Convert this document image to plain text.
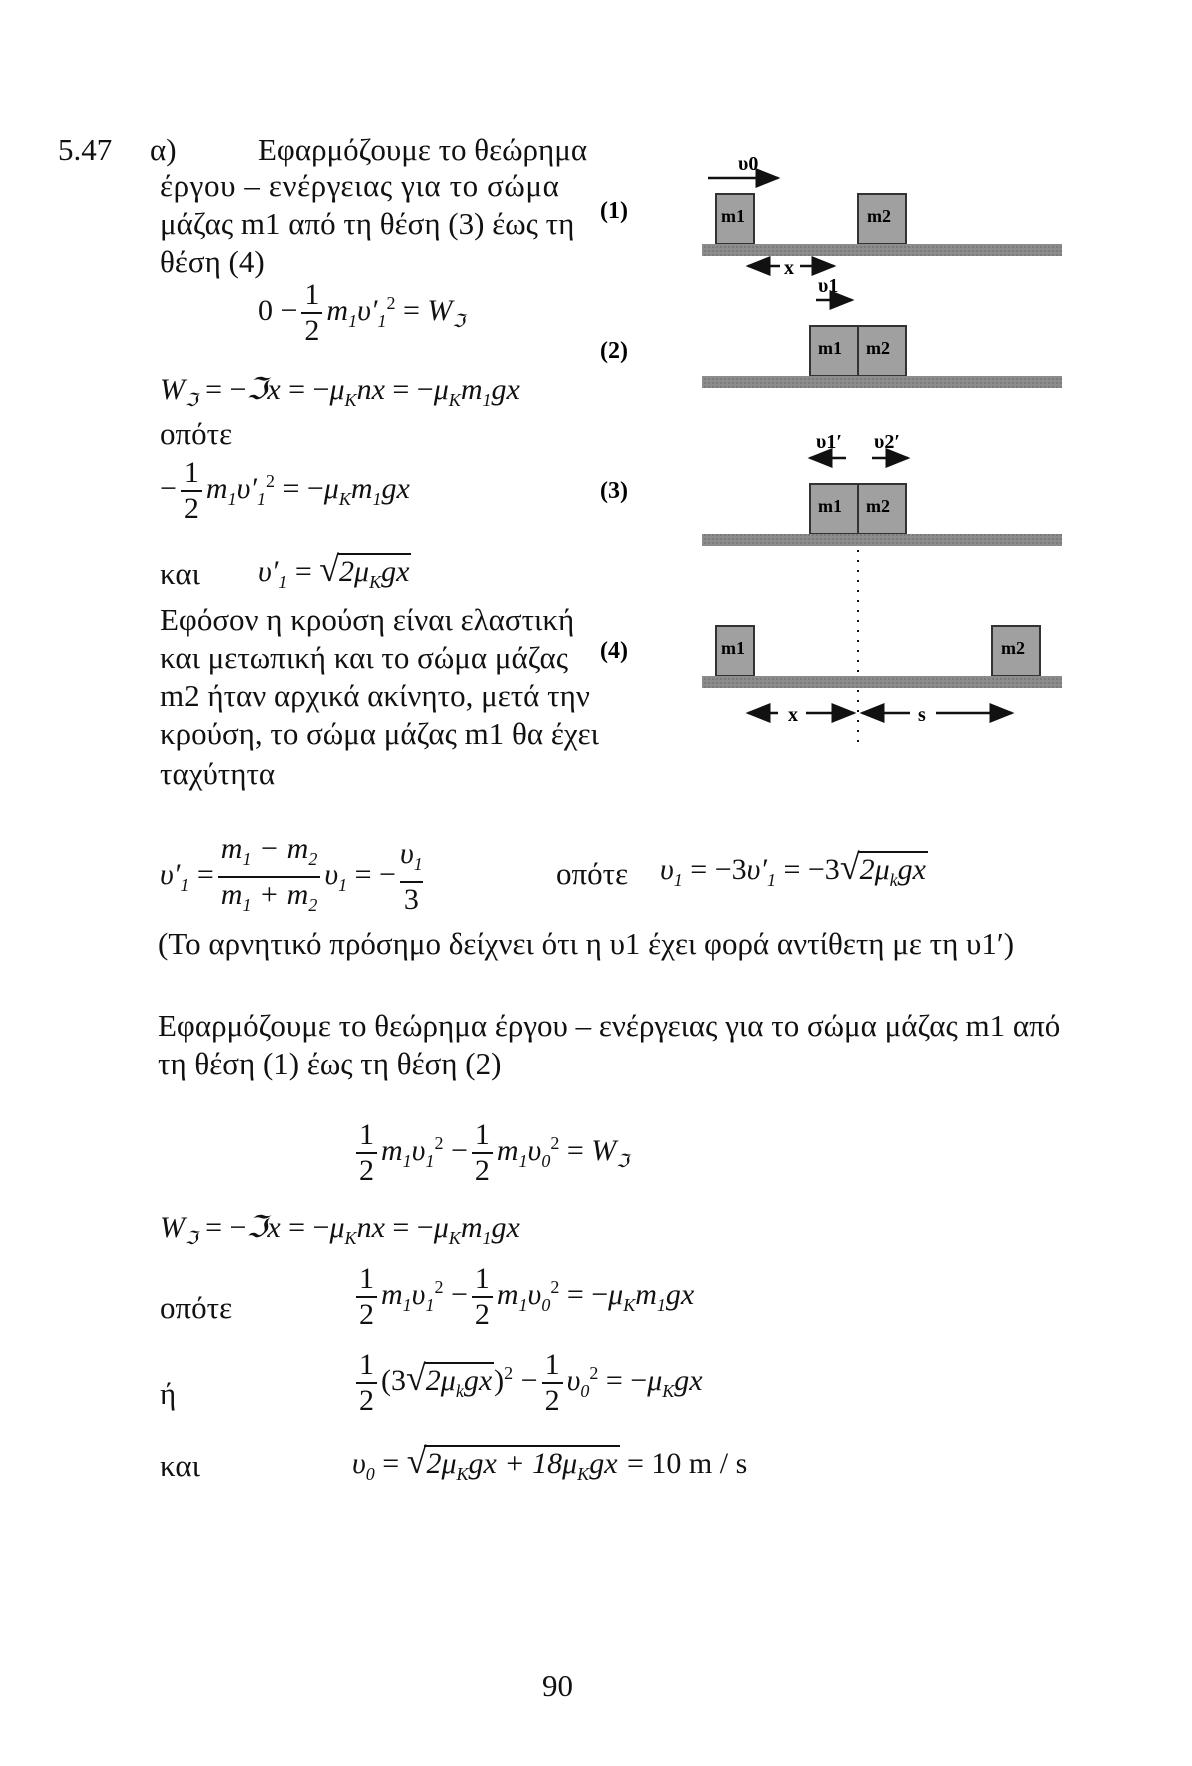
5.47 α)	Εφαρμόζουμε το θεώρημα
έργου – ενέργειας για το σώμα
μάζας m1 από τη θέση (3) έως τη
θέση (4)
$0 - \frac{1}{2} m_1\upsilon'_1^2 = W_ℑ$
$W_ℑ$ = −ℑx = $-\mu_Knx = -\mu_Km_1gx$
οπότε
− $\frac{1}{2} m_1\upsilon'_1^2 = -\mu_Km_1gx$
και $\upsilon'_1 = √2\mu_Kgx$
Εφόσον η κρούση είναι ελαστική
και μετωπική και το σώμα μάζας
m2 ήταν αρχικά ακίνητο, μετά την
κρούση, το σώμα μάζας m1 θα έχει
ταχύτητα
$\upsilon'_1 = \frac{m_1 - m_2}{m_1 + m_2} \upsilon_1$ = − $\frac{\upsilon_1}{3}$	οπότε $\upsilon_1 = -3\upsilon'_1 = -3√2\mu_kgx$
(Το αρνητικό πρόσημο δείχνει ότι η υ1 έχει φορά αντίθετη με τη υ1′)
Εφαρμόζουμε το θεώρημα έργου – ενέργειας για το σώμα μάζας m1 από
τη θέση (1) έως τη θέση (2)
$\frac{1}{2} m_1\upsilon_1^2 - \frac{1}{2} m_1\upsilon_0^2 = W_ℑ$
$W_ℑ$ = −ℑx = $-\mu_Knx = -\mu_Km_1gx$
οπότε	$\frac{1}{2} m_1\upsilon_1^2 - \frac{1}{2} m_1\upsilon_0^2 = -\mu_Km_1gx$
ή	$\frac{1}{2} (3√2\mu_kgx)^2 - \frac{1}{2} \upsilon_0^2 = -\mu_Kgx$
και	$\upsilon_0 = √2\mu_Kgx + 18\mu_Kgx = 10$ m / s
(1)
(2)
(3)
(4)
υ0
m1	m2
x
υ1
m1 m2
υ1′ υ2′
m1 m2
m1	m2
x	s
90
